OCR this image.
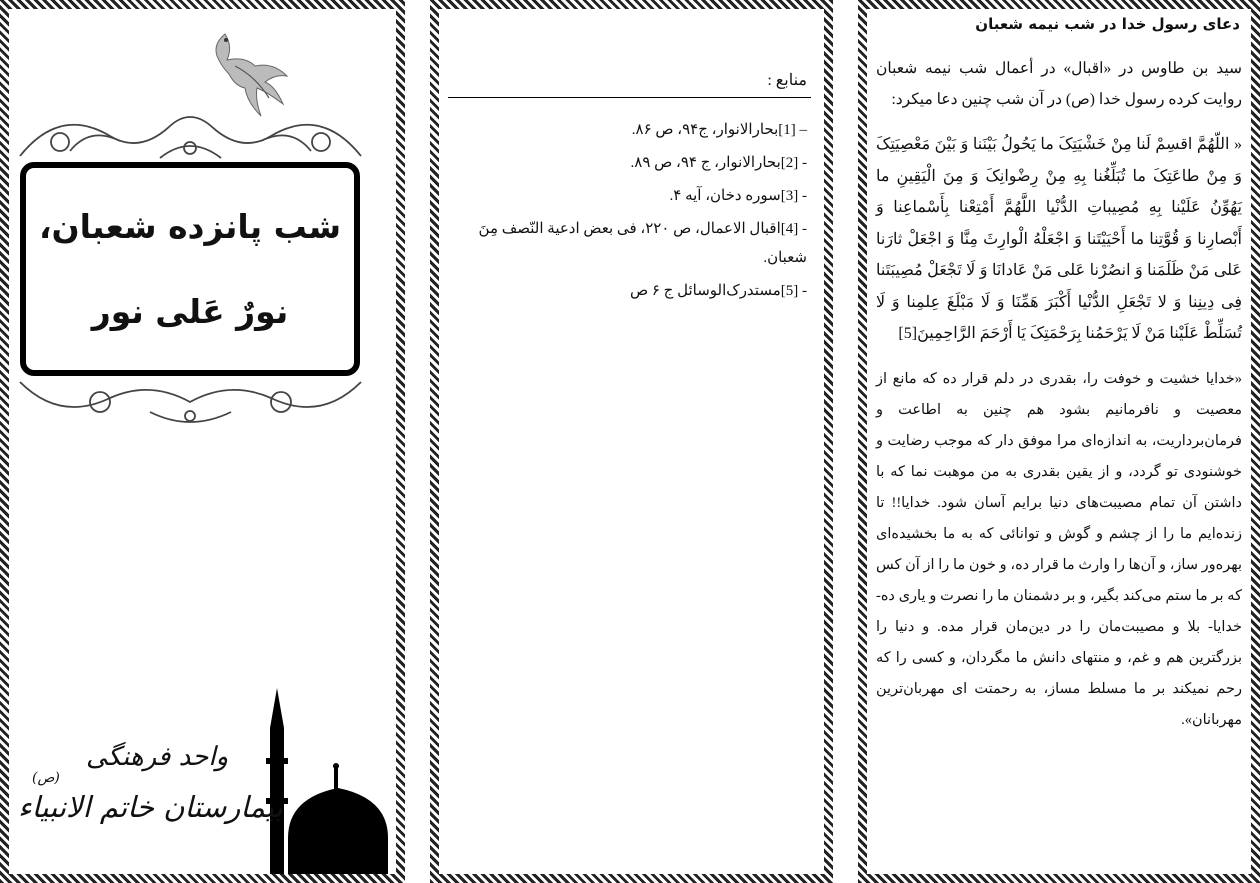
شب پانزده شعبان،
نورٌ عَلی نور
واحد فرهنگی
(ص)
بیمارستان خاتم الانبیاء
منابع :
– [1]بحارالانوار، ج۹۴، ص ۸۶.
- [2]بحارالانوار، ج ۹۴، ص ۸۹.
- [3]سوره دخان، آیه ۴.
- [4]اقبال الاعمال، ص ۲۲۰، فی بعض ادعیة النّصف مِنَ شعبان.
- [5]مستدرک‌الوسائل ج ۶ ص
دعای رسول خدا در شب نیمه شعبان

سید بن طاوس در «اقبال» در أعمال شب نیمه شعبان روایت کرده رسول خدا (ص) در آن شب چنین دعا میکرد:

« اللّهُمَّ اقسِمْ لَنا مِنْ خَشْیَتِکَ ما یَحُولُ بَیْنَنا وَ بَیْنَ مَعْصِیَتِکَ وَ مِنْ طاعَتِکَ ما تُبَلِّغُنا بِهِ مِنْ رِضْوانِکَ وَ مِنَ الْیَقِینِ ما یَهُوِّنُ عَلَیْنا بِهِ مُصِیباتِ الدُّنْیا اللَّهُمَّ أَمْتِعْنا بِأَسْماعِنا وَ أَبْصارِنا وَ قُوَّتِنا ما أَحْیَیْتَنا وَ اجْعَلْهُ الْوارِثَ مِنَّا وَ اجْعَلْ ثارَنا عَلی مَنْ ظَلَمَنا وَ انصُرْنا عَلی مَنْ عَادانَا وَ لَا تَجْعَلْ مُصِیبَتَنا فِی دِینِنا وَ لا تَجْعَلِ الدُّنْیا أَکْبَرَ هَمِّنَا وَ لَا مَبْلَغَ عِلمِنا وَ لَا تُسَلِّطْ عَلَیْنا مَنْ لَا یَرْحَمُنا بِرَحْمَتِکَ یَا أَرْحَمَ الرَّاحِمِینَ[5]

«خدایا خشیت و خوفت را، بقدری در دلم قرار ده که مانع از معصیت و نافرمانیم بشود هم چنین به اطاعت و فرمان‌برداریت، به اندازه‌ای مرا موفق دار که موجب رضایت و خوشنودی تو گردد، و از یقین بقدری به من موهبت نما که با داشتن آن تمام مصیبت‌های دنیا برایم آسان شود. خدایا!! تا زنده‌ایم ما را از چشم و گوش و توانائی که به ما بخشیده‌ای بهره‌ور ساز، و آن‌ها را وارث ما قرار ده، و خون ما را از آن کس که بر ما ستم می‌کند بگیر، و بر دشمنان ما را نصرت و یاری ده- خدایا- بلا و مصیبت‌مان را در دین‌مان قرار مده. و دنیا را بزرگترین هم و غم، و منتهای دانش ما مگردان، و کسی را که رحم نمیکند بر ما مسلط مساز، به رحمتت ای مهربان‌ترین مهربانان».
